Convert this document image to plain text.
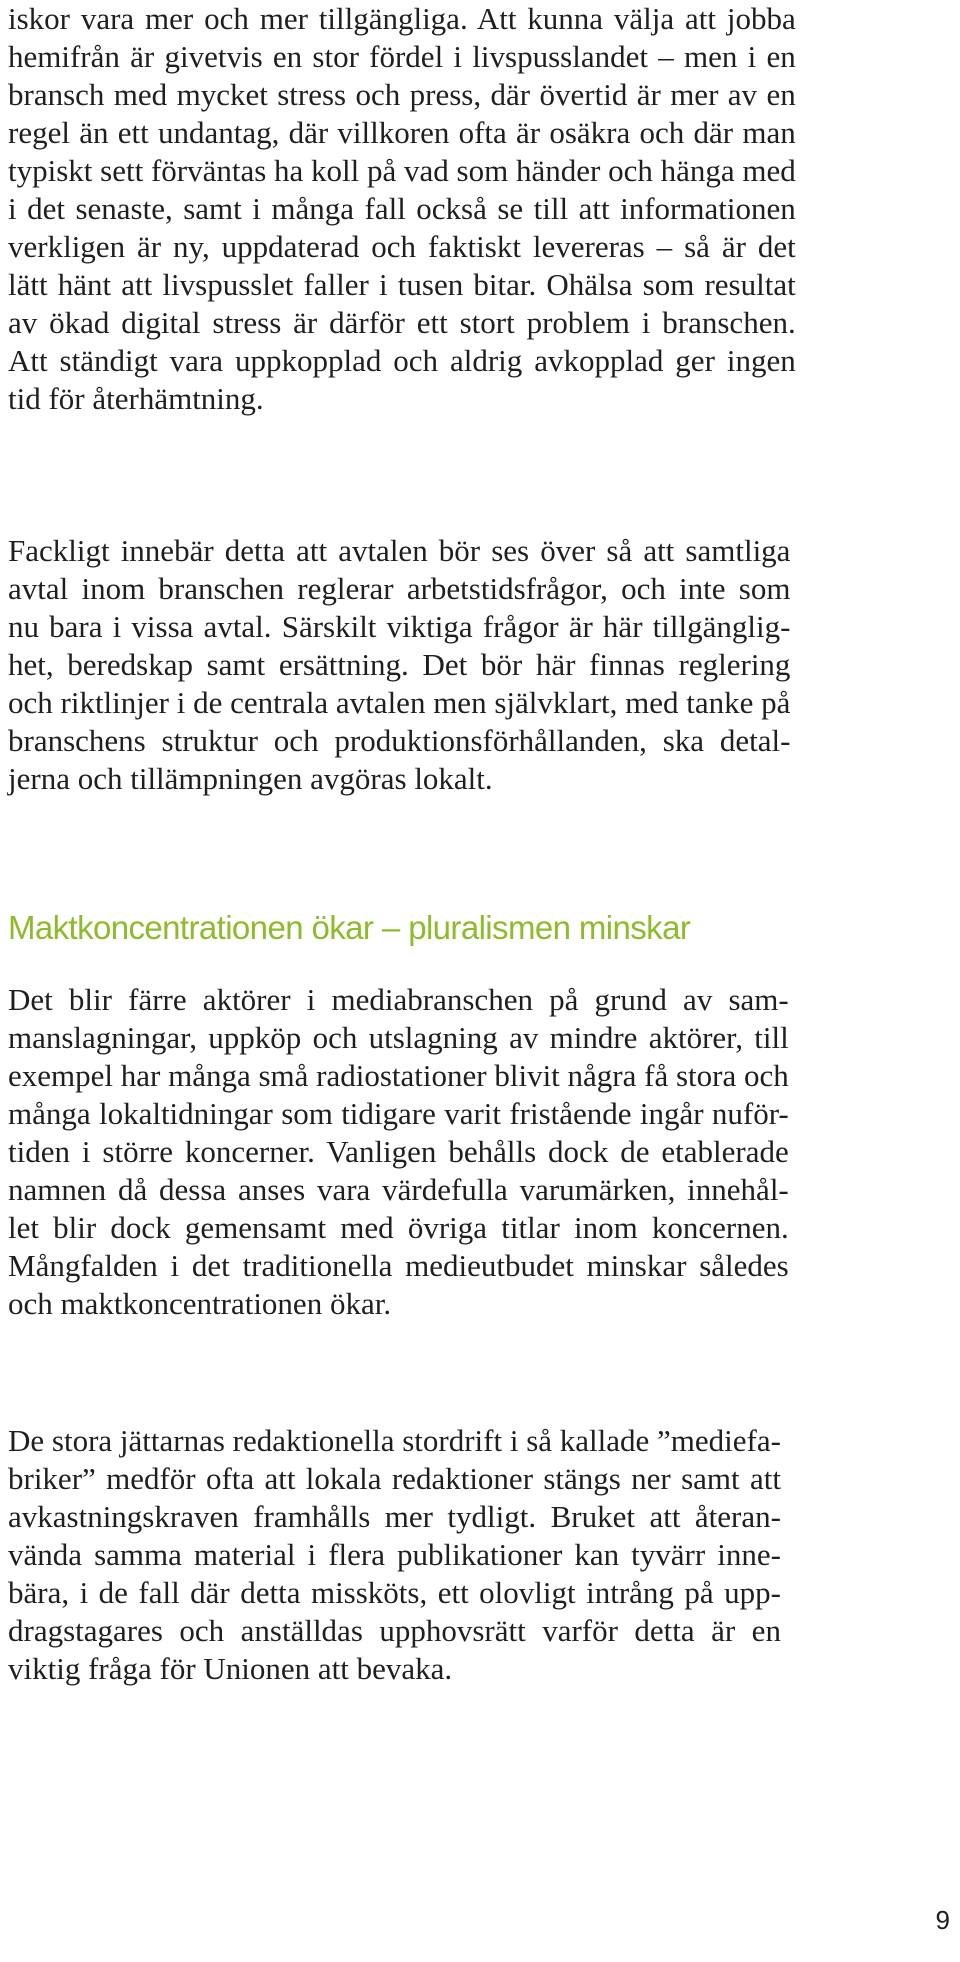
iskor vara mer och mer tillgängliga. Att kunna välja att jobba
hemifrån är givetvis en stor fördel i livspusslandet – men i en
bransch med mycket stress och press, där övertid är mer av en
regel än ett undantag, där villkoren ofta är osäkra och där man
typiskt sett förväntas ha koll på vad som händer och hänga med
i det senaste, samt i många fall också se till att informationen
verkligen är ny, uppdaterad och faktiskt levereras – så är det
lätt hänt att livspusslet faller i tusen bitar. Ohälsa som resultat
av ökad digital stress är därför ett stort problem i branschen.
Att ständigt vara uppkopplad och aldrig avkopplad ger ingen
tid för återhämtning.

Fackligt innebär detta att avtalen bör ses över så att samtliga
avtal inom branschen reglerar arbetstidsfrågor, och inte som
nu bara i vissa avtal. Särskilt viktiga frågor är här tillgänglig-
het, beredskap samt ersättning. Det bör här finnas reglering
och riktlinjer i de centrala avtalen men självklart, med tanke på
branschens struktur och produktionsförhållanden, ska detal-
jerna och tillämpningen avgöras lokalt.

Maktkoncentrationen ökar – pluralismen minskar

Det blir färre aktörer i mediabranschen på grund av sam-
manslagningar, uppköp och utslagning av mindre aktörer, till
exempel har många små radiostationer blivit några få stora och
många lokaltidningar som tidigare varit fristående ingår nuför-
tiden i större koncerner. Vanligen behålls dock de etablerade
namnen då dessa anses vara värdefulla varumärken, innehål-
let blir dock gemensamt med övriga titlar inom koncernen.
Mångfalden i det traditionella medieutbudet minskar således
och maktkoncentrationen ökar.

De stora jättarnas redaktionella stordrift i så kallade ”mediefa-
briker” medför ofta att lokala redaktioner stängs ner samt att
avkastningskraven framhålls mer tydligt. Bruket att återan-
vända samma material i flera publikationer kan tyvärr inne-
bära, i de fall där detta missköts, ett olovligt intrång på upp-
dragstagares och anställdas upphovsrätt varför detta är en
viktig fråga för Unionen att bevaka.

9
